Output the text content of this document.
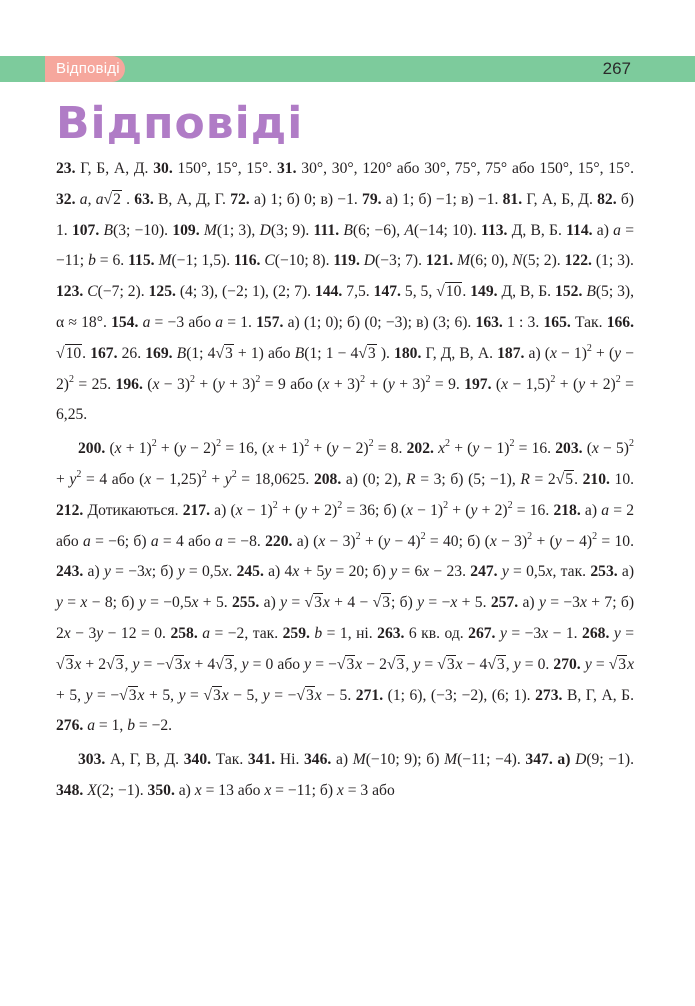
Відповіді	267
Відповіді

23. Г, Б, А, Д. 30. 150°, 15°, 15°. 31. 30°, 30°, 120° або 30°, 75°, 75° або 150°, 15°, 15°. 32. а, а√2 . 63. В, А, Д, Г. 72. а) 1; б) 0; в) −1. 79. а) 1; б) −1; в) −1. 81. Г, А, Б, Д. 82. б) 1. 107. B(3; −10). 109. M(1; 3), D(3; 9). 111. B(6; −6), A(−14; 10). 113. Д, В, Б. 114. а) a = −11; b = 6. 115. M(−1; 1,5). 116. C(−10; 8). 119. D(−3; 7). 121. M(6; 0), N(5; 2). 122. (1; 3). 123. C(−7; 2). 125. (4; 3), (−2; 1), (2; 7). 144. 7,5. 147. 5, 5, √10. 149. Д, В, Б. 152. B(5; 3), α ≈ 18°. 154. a = −3 або a = 1. 157. а) (1; 0); б) (0; −3); в) (3; 6). 163. 1 : 3. 165. Так. 166. √10. 167. 26. 169. B(1; 4√3 + 1) або B(1; 1 − 4√3 ). 180. Г, Д, В, А. 187. а) $(x - 1)^2 + (y - 2)^2 = 25$. 196. $(x - 3)^2 + (y + 3)^2 = 9$ або $(x + 3)^2 + (y + 3)^2 = 9$. 197. $(x - 1,5)^2 + (y + 2)^2 = 6,25$.

200. $(x + 1)^2 + (y - 2)^2 = 16$, $(x + 1)^2 + (y - 2)^2 = 8$. 202. $x^2 + (y - 1)^2 = 16$. 203. $(x - 5)^2 + y^2 = 4$ або $(x - 1,25)^2 + y^2 = 18,0625$. 208. а) (0; 2), R = 3; б) (5; −1), R = 2√5. 210. 10. 212. Дотикаються. 217. а) $(x - 1)^2 + (y + 2)^2 = 36$; б) $(x - 1)^2 + (y + 2)^2 = 16$. 218. а) a = 2 або a = −6; б) a = 4 або a = −8. 220. а) $(x - 3)^2 + (y - 4)^2 = 40$; б) $(x - 3)^2 + (y - 4)^2 = 10$. 243. а) y = −3x; б) y = 0,5x. 245. а) 4x + 5y = 20; б) y = 6x − 23. 247. y = 0,5x, так. 253. а) y = x − 8; б) y = −0,5x + 5. 255. а) y = √3x + 4 − √3; б) y = −x + 5. 257. а) y = −3x + 7; б) 2x − 3y − 12 = 0. 258. a = −2, так. 259. b = 1, ні. 263. 6 кв. од. 267. y = −3x − 1. 268. y = √3x + 2√3, y = −√3x + 4√3, y = 0 або y = −√3x − 2√3, y = √3x − 4√3, y = 0. 270. y = √3x + 5, y = −√3x + 5, y = √3x − 5, y = −√3x − 5. 271. (1; 6), (−3; −2), (6; 1). 273. В, Г, А, Б. 276. a = 1, b = −2.

303. А, Г, В, Д. 340. Так. 341. Ні. 346. а) M(−10; 9); б) M(−11; −4). 347. а) D(9; −1). 348. X(2; −1). 350. а) x = 13 або x = −11; б) x = 3 або
